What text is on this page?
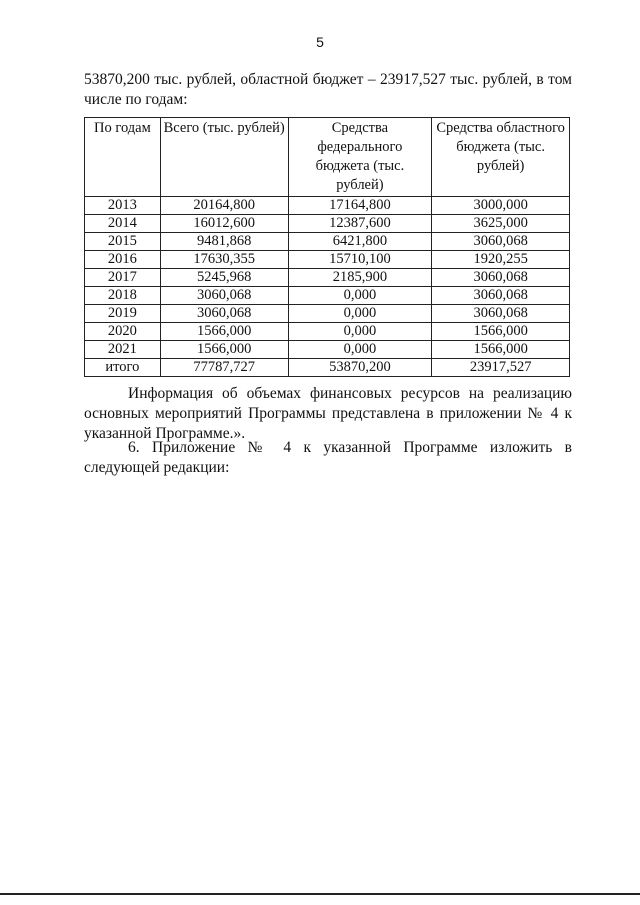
5
53870,200 тыс. рублей, областной бюджет – 23917,527 тыс. рублей, в том числе по годам:
По годам	Всего (тыс. рублей)	Средства федерального бюджета (тыс. рублей)	Средства областного бюджета (тыс. рублей)
2013	20164,800	17164,800	3000,000
2014	16012,600	12387,600	3625,000
2015	9481,868	6421,800	3060,068
2016	17630,355	15710,100	1920,255
2017	5245,968	2185,900	3060,068
2018	3060,068	0,000	3060,068
2019	3060,068	0,000	3060,068
2020	1566,000	0,000	1566,000
2021	1566,000	0,000	1566,000
итого	77787,727	53870,200	23917,527
Информация об объемах финансовых ресурсов на реализацию основных мероприятий Программы представлена в приложении № 4 к указанной Программе.».
6. Приложение № 4 к указанной Программе изложить в следующей редакции:
